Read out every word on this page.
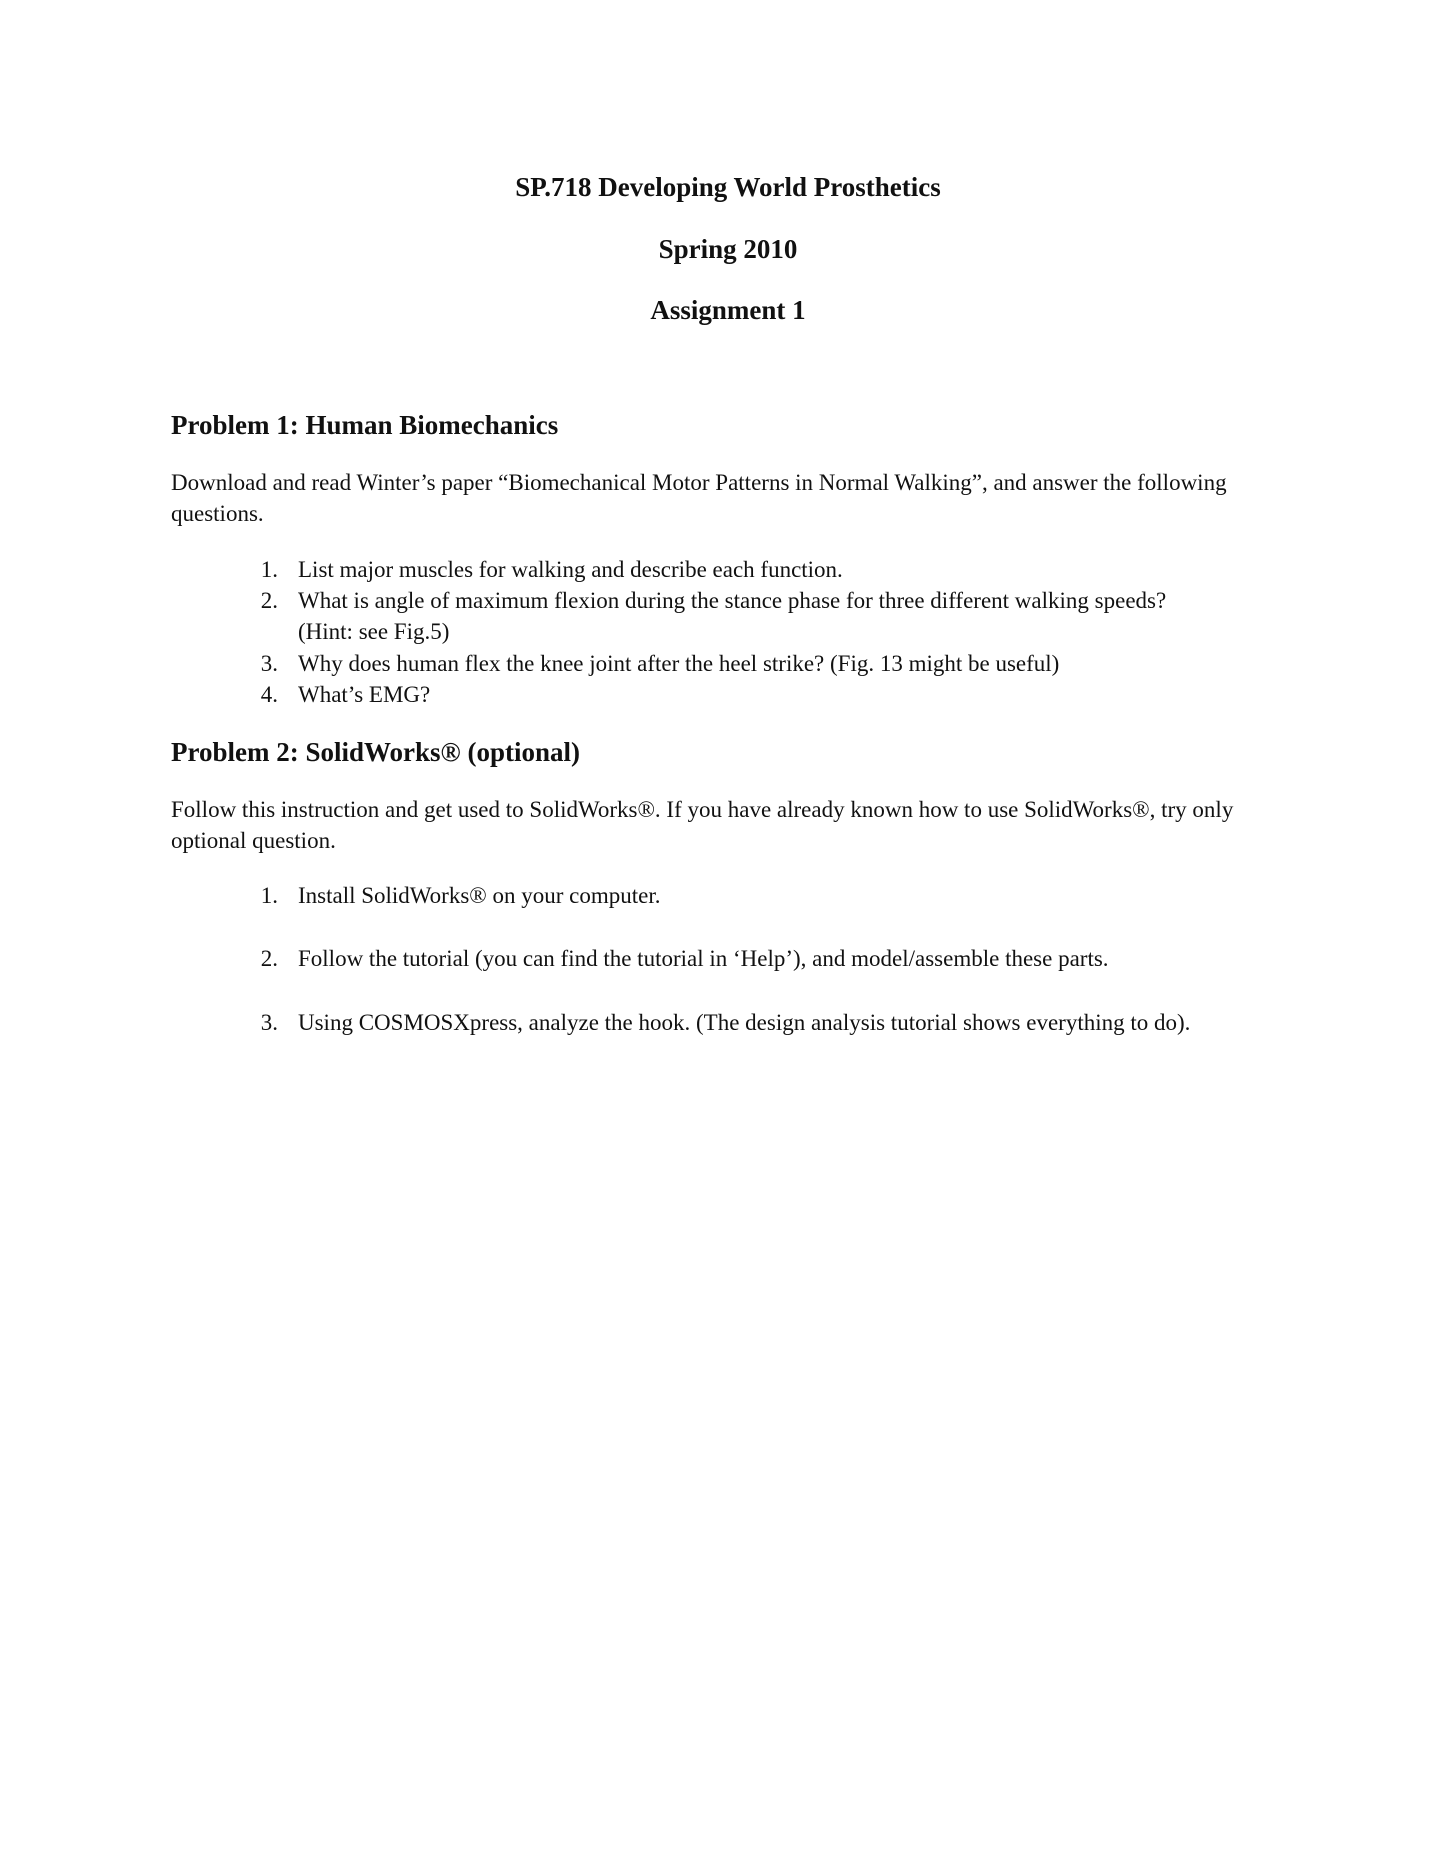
SP.718 Developing World Prosthetics
Spring 2010
Assignment 1
Problem 1: Human Biomechanics

Download and read Winter’s paper “Biomechanical Motor Patterns in Normal Walking”, and answer the following questions.

1. List major muscles for walking and describe each function.
2. What is angle of maximum flexion during the stance phase for three different walking speeds?
(Hint: see Fig.5)
3. Why does human flex the knee joint after the heel strike? (Fig. 13 might be useful)
4. What’s EMG?
Problem 2: SolidWorks® (optional)

Follow this instruction and get used to SolidWorks®. If you have already known how to use SolidWorks®, try only optional question.

1. Install SolidWorks® on your computer.
2. Follow the tutorial (you can find the tutorial in ‘Help’), and model/assemble these parts.
3. Using COSMOSXpress, analyze the hook. (The design analysis tutorial shows everything to do).
